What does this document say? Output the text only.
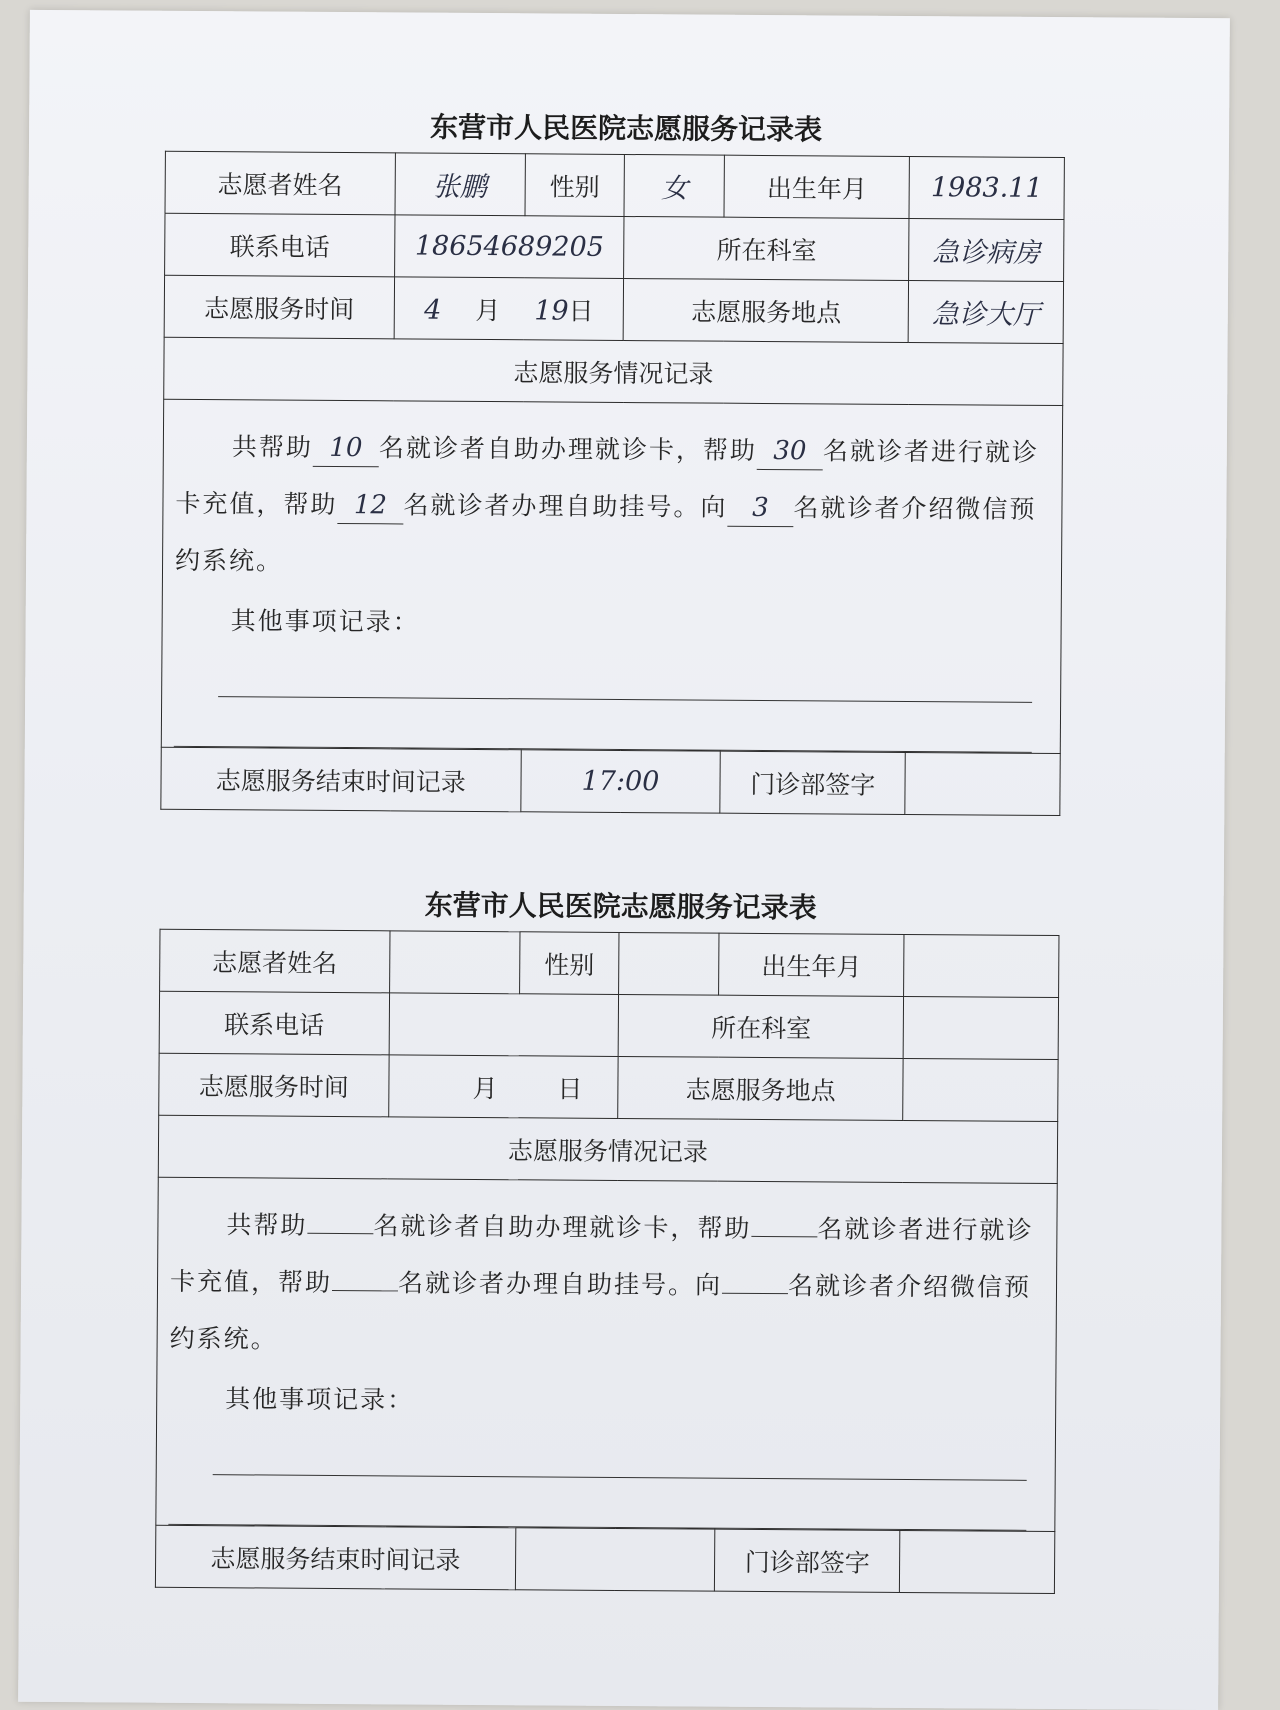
东营市人民医院志愿服务记录表
志愿者姓名	张鹏	性别	女	出生年月	1983.11
联系电话	18654689205		所在科室		急诊病房
志愿服务时间	4 月 19日		志愿服务地点		急诊大厅
志愿服务情况记录					

共帮助 10 名就诊者自助办理就诊卡，帮助 30 名就诊者进行就诊卡充值，帮助 12 名就诊者办理自助挂号。向 3 名就诊者介绍微信预约系统。
其他事项记录：					

志愿服务结束时间记录		17:00		门诊部签字	
东营市人民医院志愿服务记录表
志愿者姓名		性别		出生年月	
联系电话			所在科室		
志愿服务时间	月 日		志愿服务地点		
志愿服务情况记录					

共帮助 名就诊者自助办理就诊卡，帮助 名就诊者进行就诊卡充值，帮助 名就诊者办理自助挂号。向 名就诊者介绍微信预约系统。
其他事项记录：					

志愿服务结束时间记录				门诊部签字	
